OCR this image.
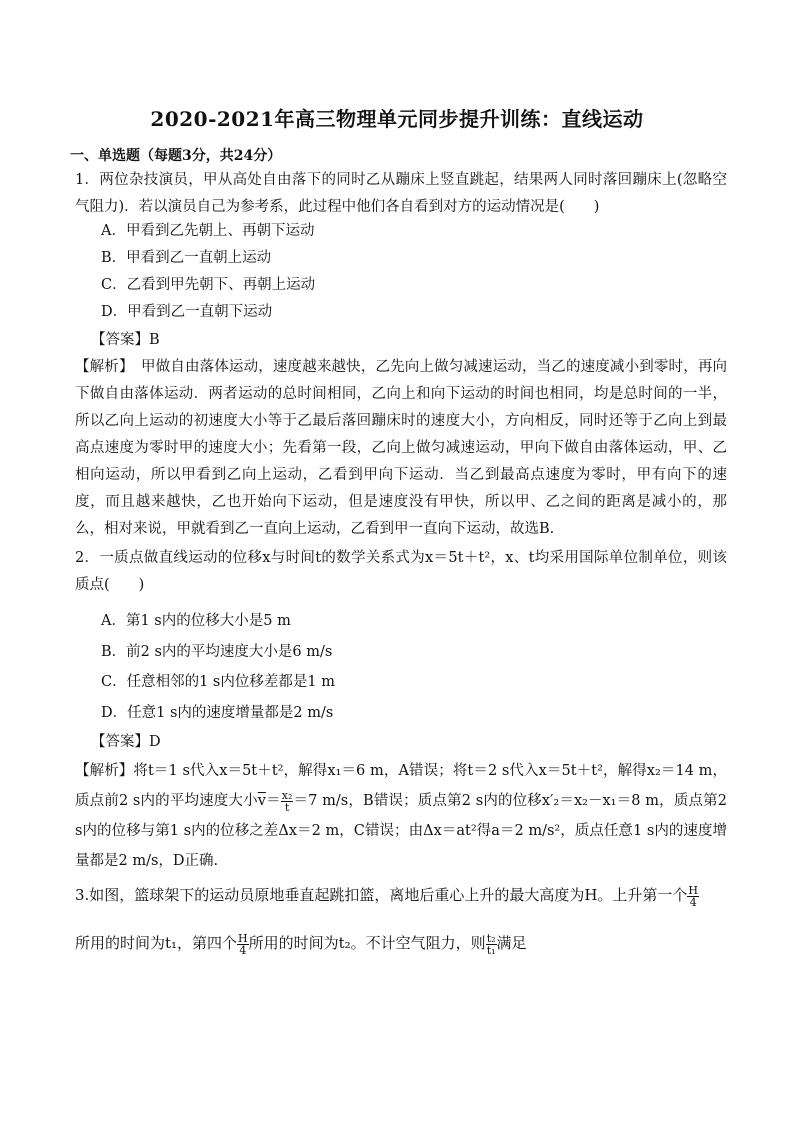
2020-2021年高三物理单元同步提升训练：直线运动
一、单选题（每题3分，共24分）
1．两位杂技演员，甲从高处自由落下的同时乙从蹦床上竖直跳起，结果两人同时落回蹦床上(忽略空气阻力)．若以演员自己为参考系，此过程中他们各自看到对方的运动情况是(　　)
A．甲看到乙先朝上、再朝下运动
B．甲看到乙一直朝上运动
C．乙看到甲先朝下、再朝上运动
D．甲看到乙一直朝下运动
【答案】B
【解析】　甲做自由落体运动，速度越来越快，乙先向上做匀减速运动，当乙的速度减小到零时，再向下做自由落体运动．两者运动的总时间相同，乙向上和向下运动的时间也相同，均是总时间的一半，所以乙向上运动的初速度大小等于乙最后落回蹦床时的速度大小，方向相反，同时还等于乙向上到最高点速度为零时甲的速度大小；先看第一段，乙向上做匀减速运动，甲向下做自由落体运动，甲、乙相向运动，所以甲看到乙向上运动，乙看到甲向下运动．当乙到最高点速度为零时，甲有向下的速度，而且越来越快，乙也开始向下运动，但是速度没有甲快，所以甲、乙之间的距离是减小的，那么，相对来说，甲就看到乙一直向上运动，乙看到甲一直向下运动，故选B.
2．一质点做直线运动的位移x与时间t的数学关系式为x＝5t＋t²，x、t均采用国际单位制单位，则该质点(　　)
A．第1 s内的位移大小是5 m
B．前2 s内的平均速度大小是6 m/s
C．任意相邻的1 s内位移差都是1 m
D．任意1 s内的速度增量都是2 m/s
【答案】D
【解析】将t＝1 s代入x＝5t＋t²，解得x₁＝6 m，A错误；将t＝2 s代入x＝5t＋t²，解得x₂＝14 m，质点前2 s内的平均速度大小$\overline{v}= \frac{\text{x₂}}{t} =7$ m/s，B错误；质点第2 s内的位移x′₂＝x₂－x₁＝8 m，质点第2 s内的位移与第1 s内的位移之差Δx＝2 m，C错误；由Δx＝at²得a＝2 m/s²，质点任意1 s内的速度增量都是2 m/s，D正确.
3.如图，篮球架下的运动员原地垂直起跳扣篮，离地后重心上升的最大高度为H。上升第一个 $\frac{H}{4}$
所用的时间为t₁，第四个 $\frac{H}{4}$ 所用的时间为t₂。不计空气阻力，则 $\frac{\text{t₂}}{\text{t₁}}$ 满足
